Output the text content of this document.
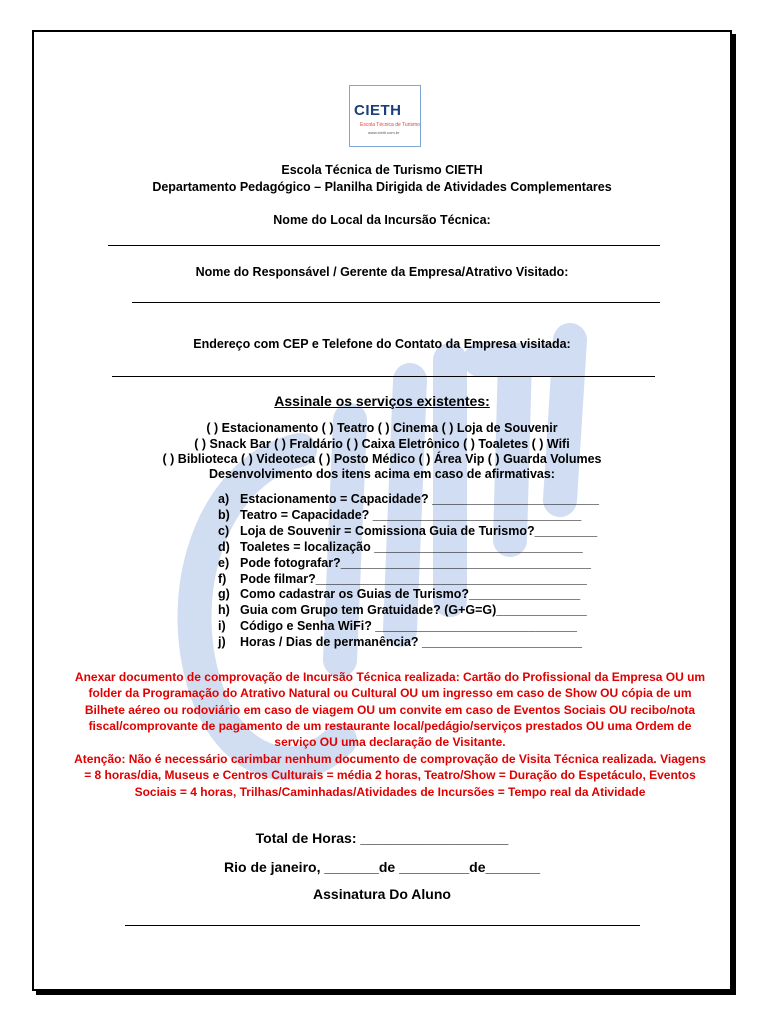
CIETH
Escola Técnica de Turismo
www.cieth.com.br
Escola Técnica de Turismo CIETH
Departamento Pedagógico – Planilha Dirigida de Atividades Complementares
Nome do Local da Incursão Técnica:
Nome do Responsável / Gerente da Empresa/Atrativo Visitado:
Endereço com CEP e Telefone do Contato da Empresa visitada:
Assinale os serviços existentes:
( ) Estacionamento ( ) Teatro ( ) Cinema ( ) Loja de Souvenir
( ) Snack Bar ( ) Fraldário ( ) Caixa Eletrônico ( ) Toaletes ( ) Wifi
( ) Biblioteca ( ) Videoteca ( ) Posto Médico ( ) Área Vip ( ) Guarda Volumes
Desenvolvimento dos itens acima em caso de afirmativas:
a) Estacionamento = Capacidade? ________________________
b) Teatro = Capacidade? ______________________________
c) Loja de Souvenir = Comissiona Guia de Turismo?_________
d) Toaletes = localização ______________________________
e) Pode fotografar?____________________________________
f) Pode filmar?_______________________________________
g) Como cadastrar os Guias de Turismo?________________
h) Guia com Grupo tem Gratuidade? (G+G=G)_____________
i) Código e Senha WiFi? _____________________________
j) Horas / Dias de permanência? _______________________
Anexar documento de comprovação de Incursão Técnica realizada: Cartão do Profissional da Empresa OU um folder da Programação do Atrativo Natural ou Cultural OU um ingresso em caso de Show OU cópia de um Bilhete aéreo ou rodoviário em caso de viagem OU um convite em caso de Eventos Sociais OU recibo/nota fiscal/comprovante de pagamento de um restaurante local/pedágio/serviços prestados OU uma Ordem de serviço OU uma declaração de Visitante.
Atenção: Não é necessário carimbar nenhum documento de comprovação de Visita Técnica realizada. Viagens = 8 horas/dia, Museus e Centros Culturais = média 2 horas, Teatro/Show = Duração do Espetáculo, Eventos Sociais = 4 horas, Trilhas/Caminhadas/Atividades de Incursões = Tempo real da Atividade
Total de Horas: ___________________
Rio de janeiro, _______de _________de_______
Assinatura Do Aluno
